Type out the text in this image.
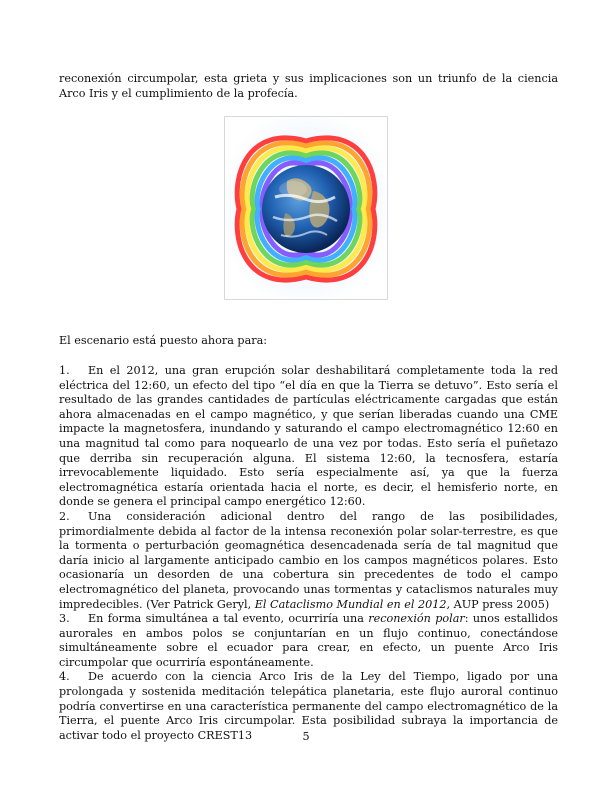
reconexión circumpolar, esta grieta y sus implicaciones son un triunfo de la ciencia Arco Iris y el cumplimiento de la profecía.

El escenario está puesto ahora para:

1. En el 2012, una gran erupción solar deshabilitará completamente toda la red eléctrica del 12:60, un efecto del tipo “el día en que la Tierra se detuvo”. Esto sería el resultado de las grandes cantidades de partículas eléctricamente cargadas que están ahora almacenadas en el campo magnético, y que serían liberadas cuando una CME impacte la magnetosfera, inundando y saturando el campo electromagnético 12:60 en una magnitud tal como para noquearlo de una vez por todas. Esto sería el puñetazo que derriba sin recuperación alguna. El sistema 12:60, la tecnosfera, estaría irrevocablemente liquidado. Esto sería especialmente así, ya que la fuerza electromagnética estaría orientada hacia el norte, es decir, el hemisferio norte, en donde se genera el principal campo energético 12:60.
2. Una consideración adicional dentro del rango de las posibilidades, primordialmente debida al factor de la intensa reconexión polar solar-terrestre, es que la tormenta o perturbación geomagnética desencadenada sería de tal magnitud que daría inicio al largamente anticipado cambio en los campos magnéticos polares. Esto ocasionaría un desorden de una cobertura sin precedentes de todo el campo electromagnético del planeta, provocando unas tormentas y cataclismos naturales muy impredecibles. (Ver Patrick Geryl, El Cataclismo Mundial en el 2012, AUP press 2005)
3. En forma simultánea a tal evento, ocurriría una reconexión polar: unos estallidos aurorales en ambos polos se conjuntarían en un flujo continuo, conectándose simultáneamente sobre el ecuador para crear, en efecto, un puente Arco Iris circumpolar que ocurriría espontáneamente.
4. De acuerdo con la ciencia Arco Iris de la Ley del Tiempo, ligado por una prolongada y sostenida meditación telepática planetaria, este flujo auroral continuo podría convertirse en una característica permanente del campo electromagnético de la Tierra, el puente Arco Iris circumpolar. Esta posibilidad subraya la importancia de activar todo el proyecto CREST13	5
